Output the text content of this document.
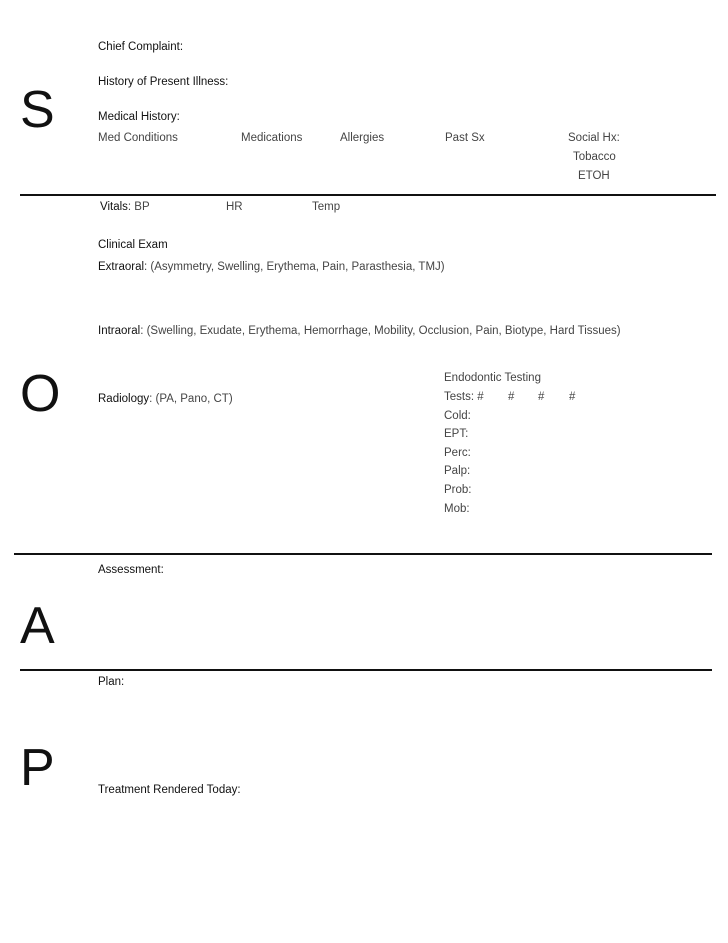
S
O
A
P
Chief Complaint:
History of Present Illness:
Medical History:
Med Conditions	Medications	Allergies	Past Sx	Social Hx:
Tobacco
ETOH
Vitals: BP	HR	Temp
Clinical Exam
Extraoral: (Asymmetry, Swelling, Erythema, Pain, Parasthesia, TMJ)
Intraoral: (Swelling, Exudate, Erythema, Hemorrhage, Mobility, Occlusion, Pain, Biotype, Hard Tissues)
Radiology: (PA, Pano, CT)
Endodontic Testing
Tests: # # # #
Cold:
EPT:
Perc:
Palp:
Prob:
Mob:
Assessment:
Plan:
Treatment Rendered Today:
